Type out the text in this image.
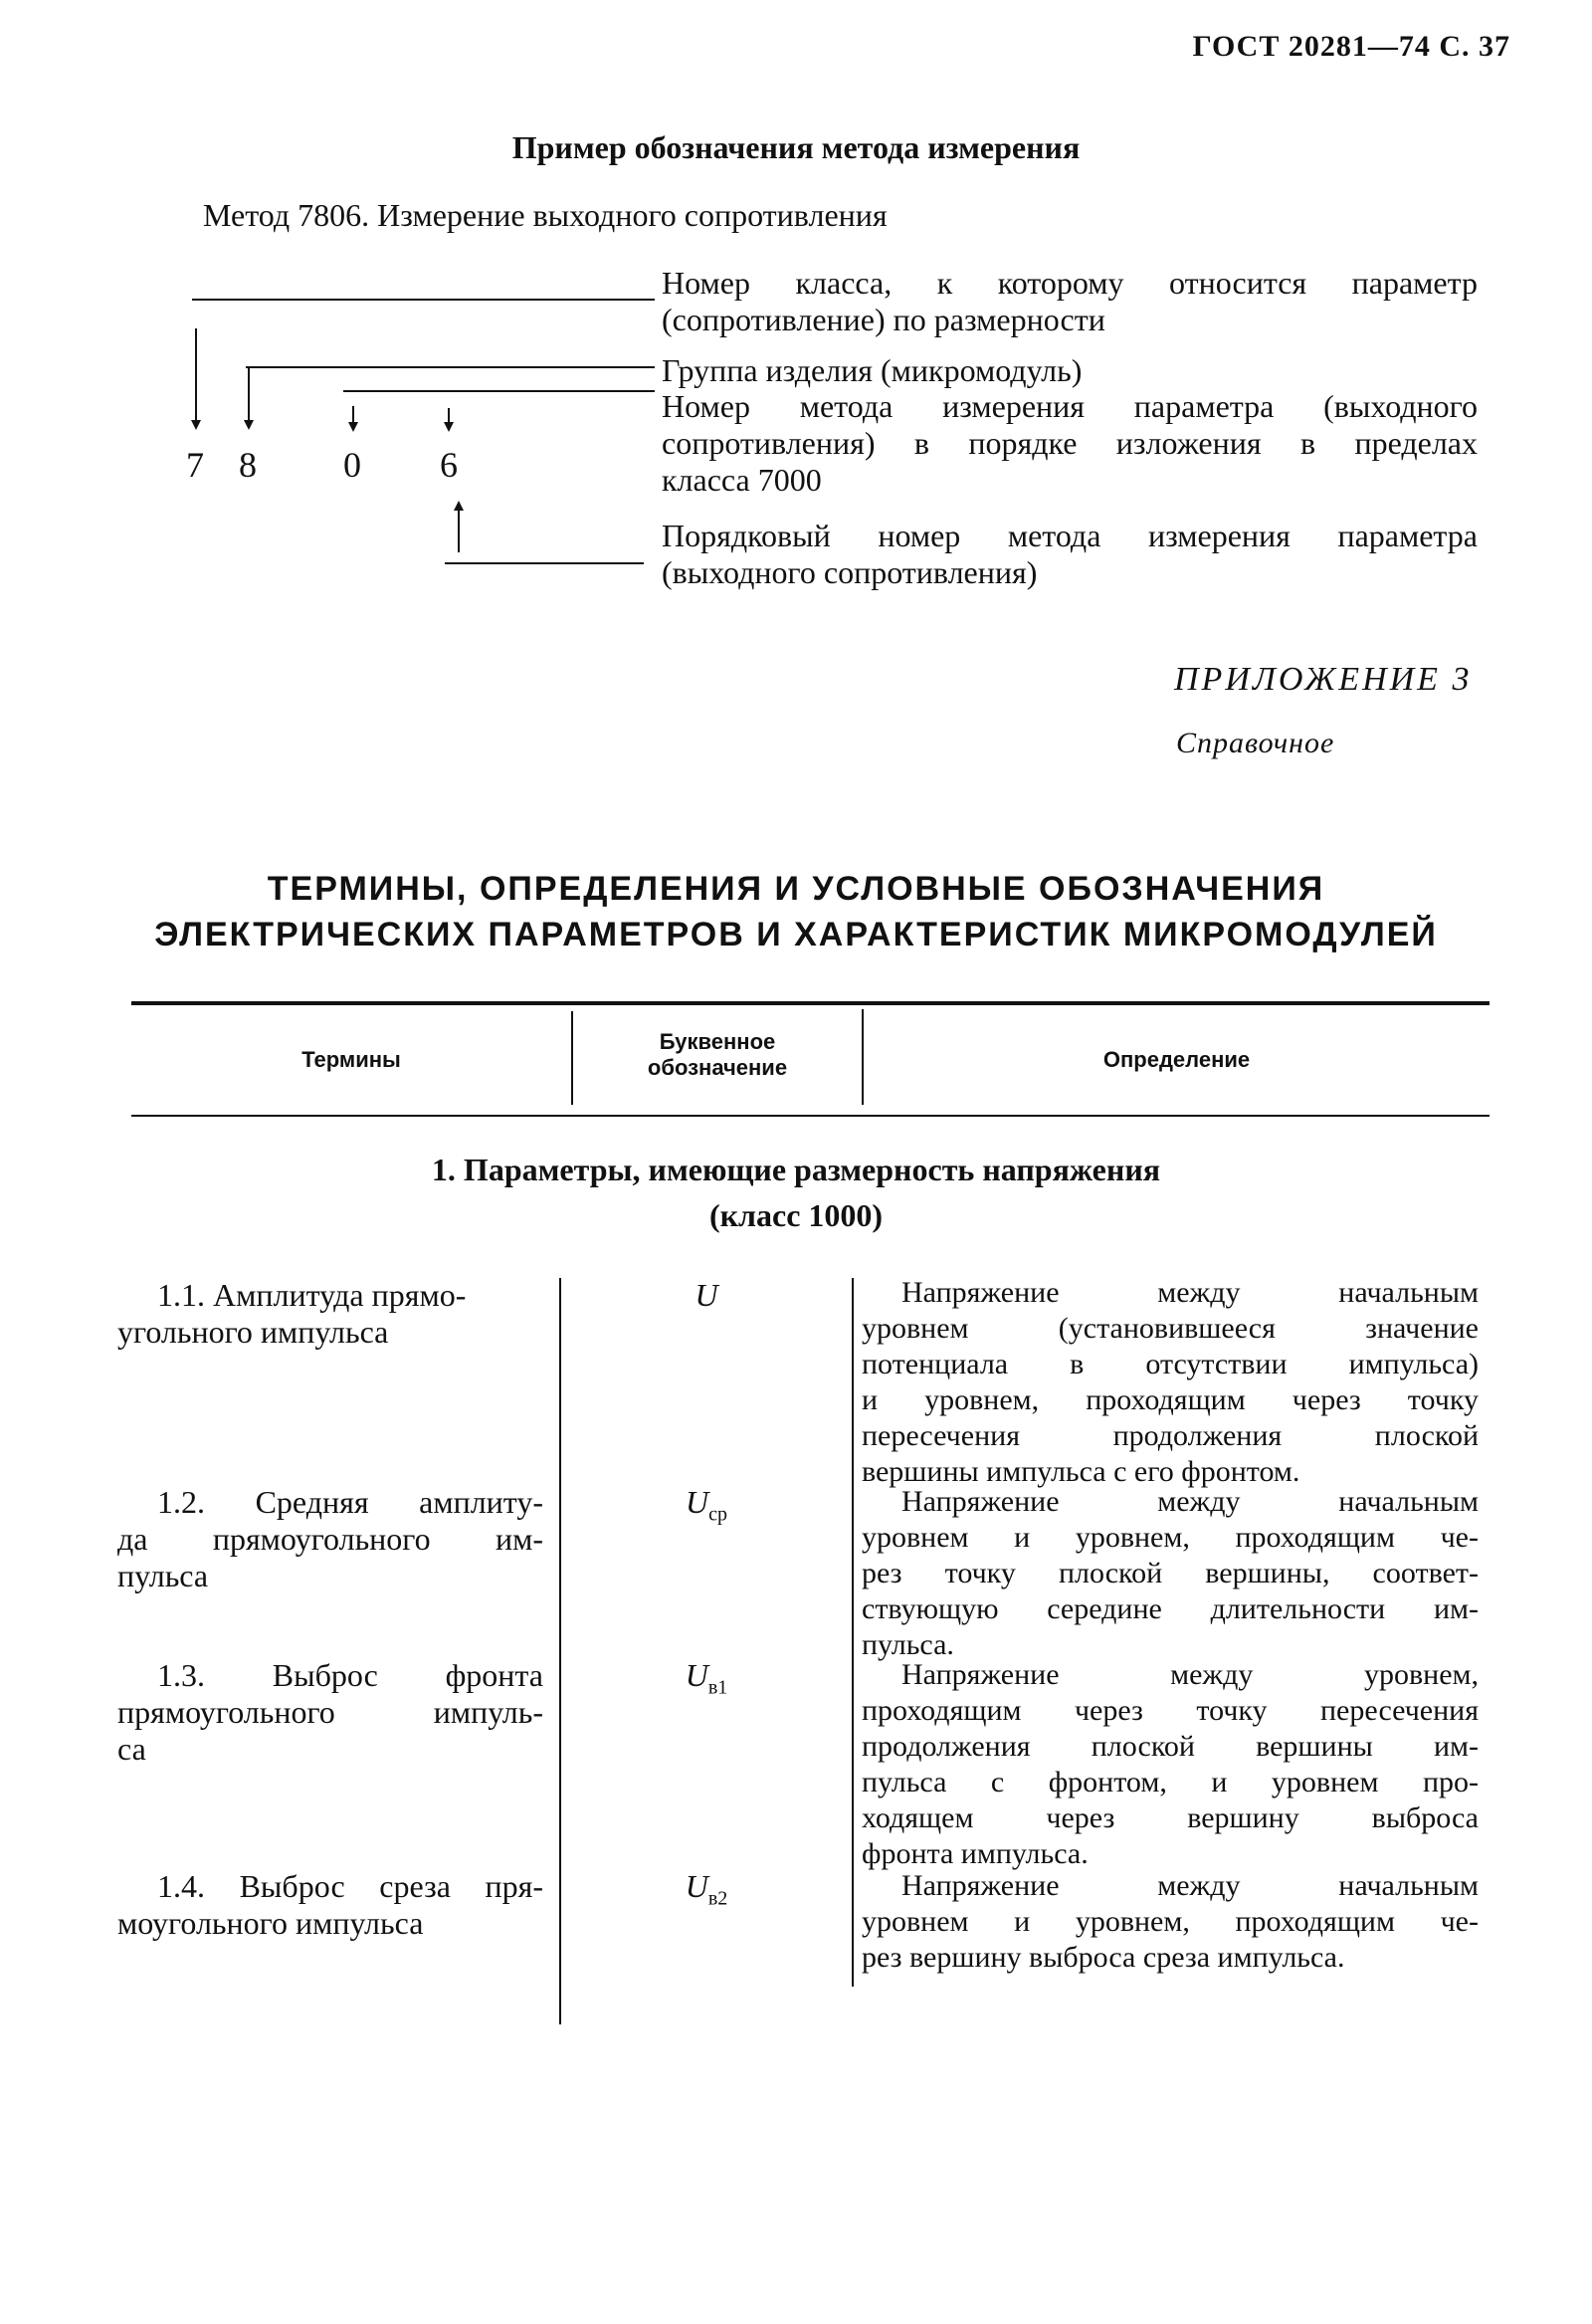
ГОСТ 20281—74 С. 37
Пример обозначения метода измерения
Метод 7806. Измерение выходного сопротивления
7 8 0 6
Номер класса, к которому относится параметр
(сопротивление) по размерности
Группа изделия (микромодуль)
Номер метода измерения параметра (выходного
сопротивления) в порядке изложения в пределах
класса 7000
Порядковый номер метода измерения параметра
(выходного сопротивления)
ПРИЛОЖЕНИЕ 3
Справочное
ТЕРМИНЫ, ОПРЕДЕЛЕНИЯ И УСЛОВНЫЕ ОБОЗНАЧЕНИЯ
ЭЛЕКТРИЧЕСКИХ ПАРАМЕТРОВ И ХАРАКТЕРИСТИК МИКРОМОДУЛЕЙ
Термины
Буквенное
обозначение	Определение
1. Параметры, имеющие размерность напряжения
(класс 1000)
1.1. Амплитуда прямо-
угольного импульса
U	Напряжение между начальным
уровнем (установившееся значение
потенциала в отсутствии импульса)
и уровнем, проходящим через точку
пересечения продолжения плоской
вершины импульса с его фронтом.
1.2. Средняя амплиту-
да прямоугольного им-
пульса
$U_{ср}$	Напряжение между начальным
уровнем и уровнем, проходящим че-
рез точку плоской вершины, соответ-
ствующую середине длительности им-
пульса.
1.3. Выброс фронта
прямоугольного импуль-
са
$U_{в1}$	Напряжение между уровнем,
проходящим через точку пересечения
продолжения плоской вершины им-
пульса с фронтом, и уровнем про-
ходящем через вершину выброса
фронта импульса.
1.4. Выброс среза пря-
моугольного импульса
$U_{в2}$	Напряжение между начальным
уровнем и уровнем, проходящим че-
рез вершину выброса среза импульса.
